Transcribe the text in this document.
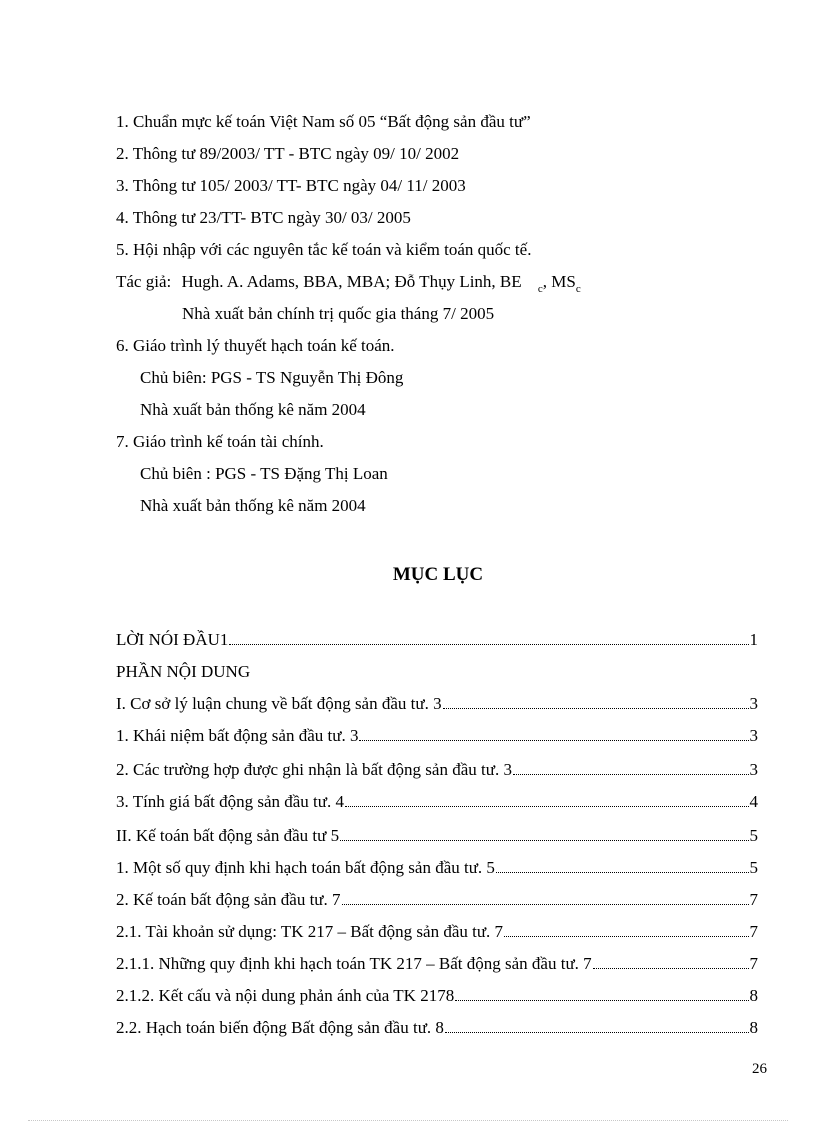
1. Chuẩn mực kế toán Việt Nam số 05 “Bất động sản đầu tư”
2. Thông tư 89/2003/ TT - BTC ngày 09/ 10/ 2002
3. Thông tư 105/ 2003/ TT- BTC ngày 04/ 11/ 2003
4. Thông tư 23/TT- BTC ngày 30/ 03/ 2005
5. Hội nhập với các nguyên tắc kế toán và kiểm toán quốc tế.
Tác giả: Hugh. A. Adams, BBA, MBA; Đỗ Thụy Linh, BE $_c$, $MS_c$
Nhà xuất bản chính trị quốc gia tháng 7/ 2005
6. Giáo trình lý thuyết hạch toán kế toán.
Chủ biên: PGS - TS Nguyễn Thị Đông
Nhà xuất bản thống kê năm 2004
7. Giáo trình kế toán tài chính.
Chủ biên : PGS - TS Đặng Thị Loan
Nhà xuất bản thống kê năm 2004
MỤC LỤC
LỜI NÓI ĐẦU1	1
PHẦN NỘI DUNG
I. Cơ sở lý luận chung về bất động sản đầu tư. 3	3
1. Khái niệm bất động sản đầu tư. 3	3
2. Các trường hợp được ghi nhận là bất động sản đầu tư. 3	3
3. Tính giá bất động sản đầu tư. 4	4
II. Kế toán bất động sản đầu tư 5	5
1. Một số quy định khi hạch toán bất động sản đầu tư. 5	5
2. Kế toán bất động sản đầu tư. 7	7
2.1. Tài khoản sử dụng: TK 217 – Bất động sản đầu tư. 7	7
2.1.1. Những quy định khi hạch toán TK 217 – Bất động sản đầu tư. 7	7
2.1.2. Kết cấu và nội dung phản ánh của TK 2178	8
2.2. Hạch toán biến động Bất động sản đầu tư. 8	8
26
